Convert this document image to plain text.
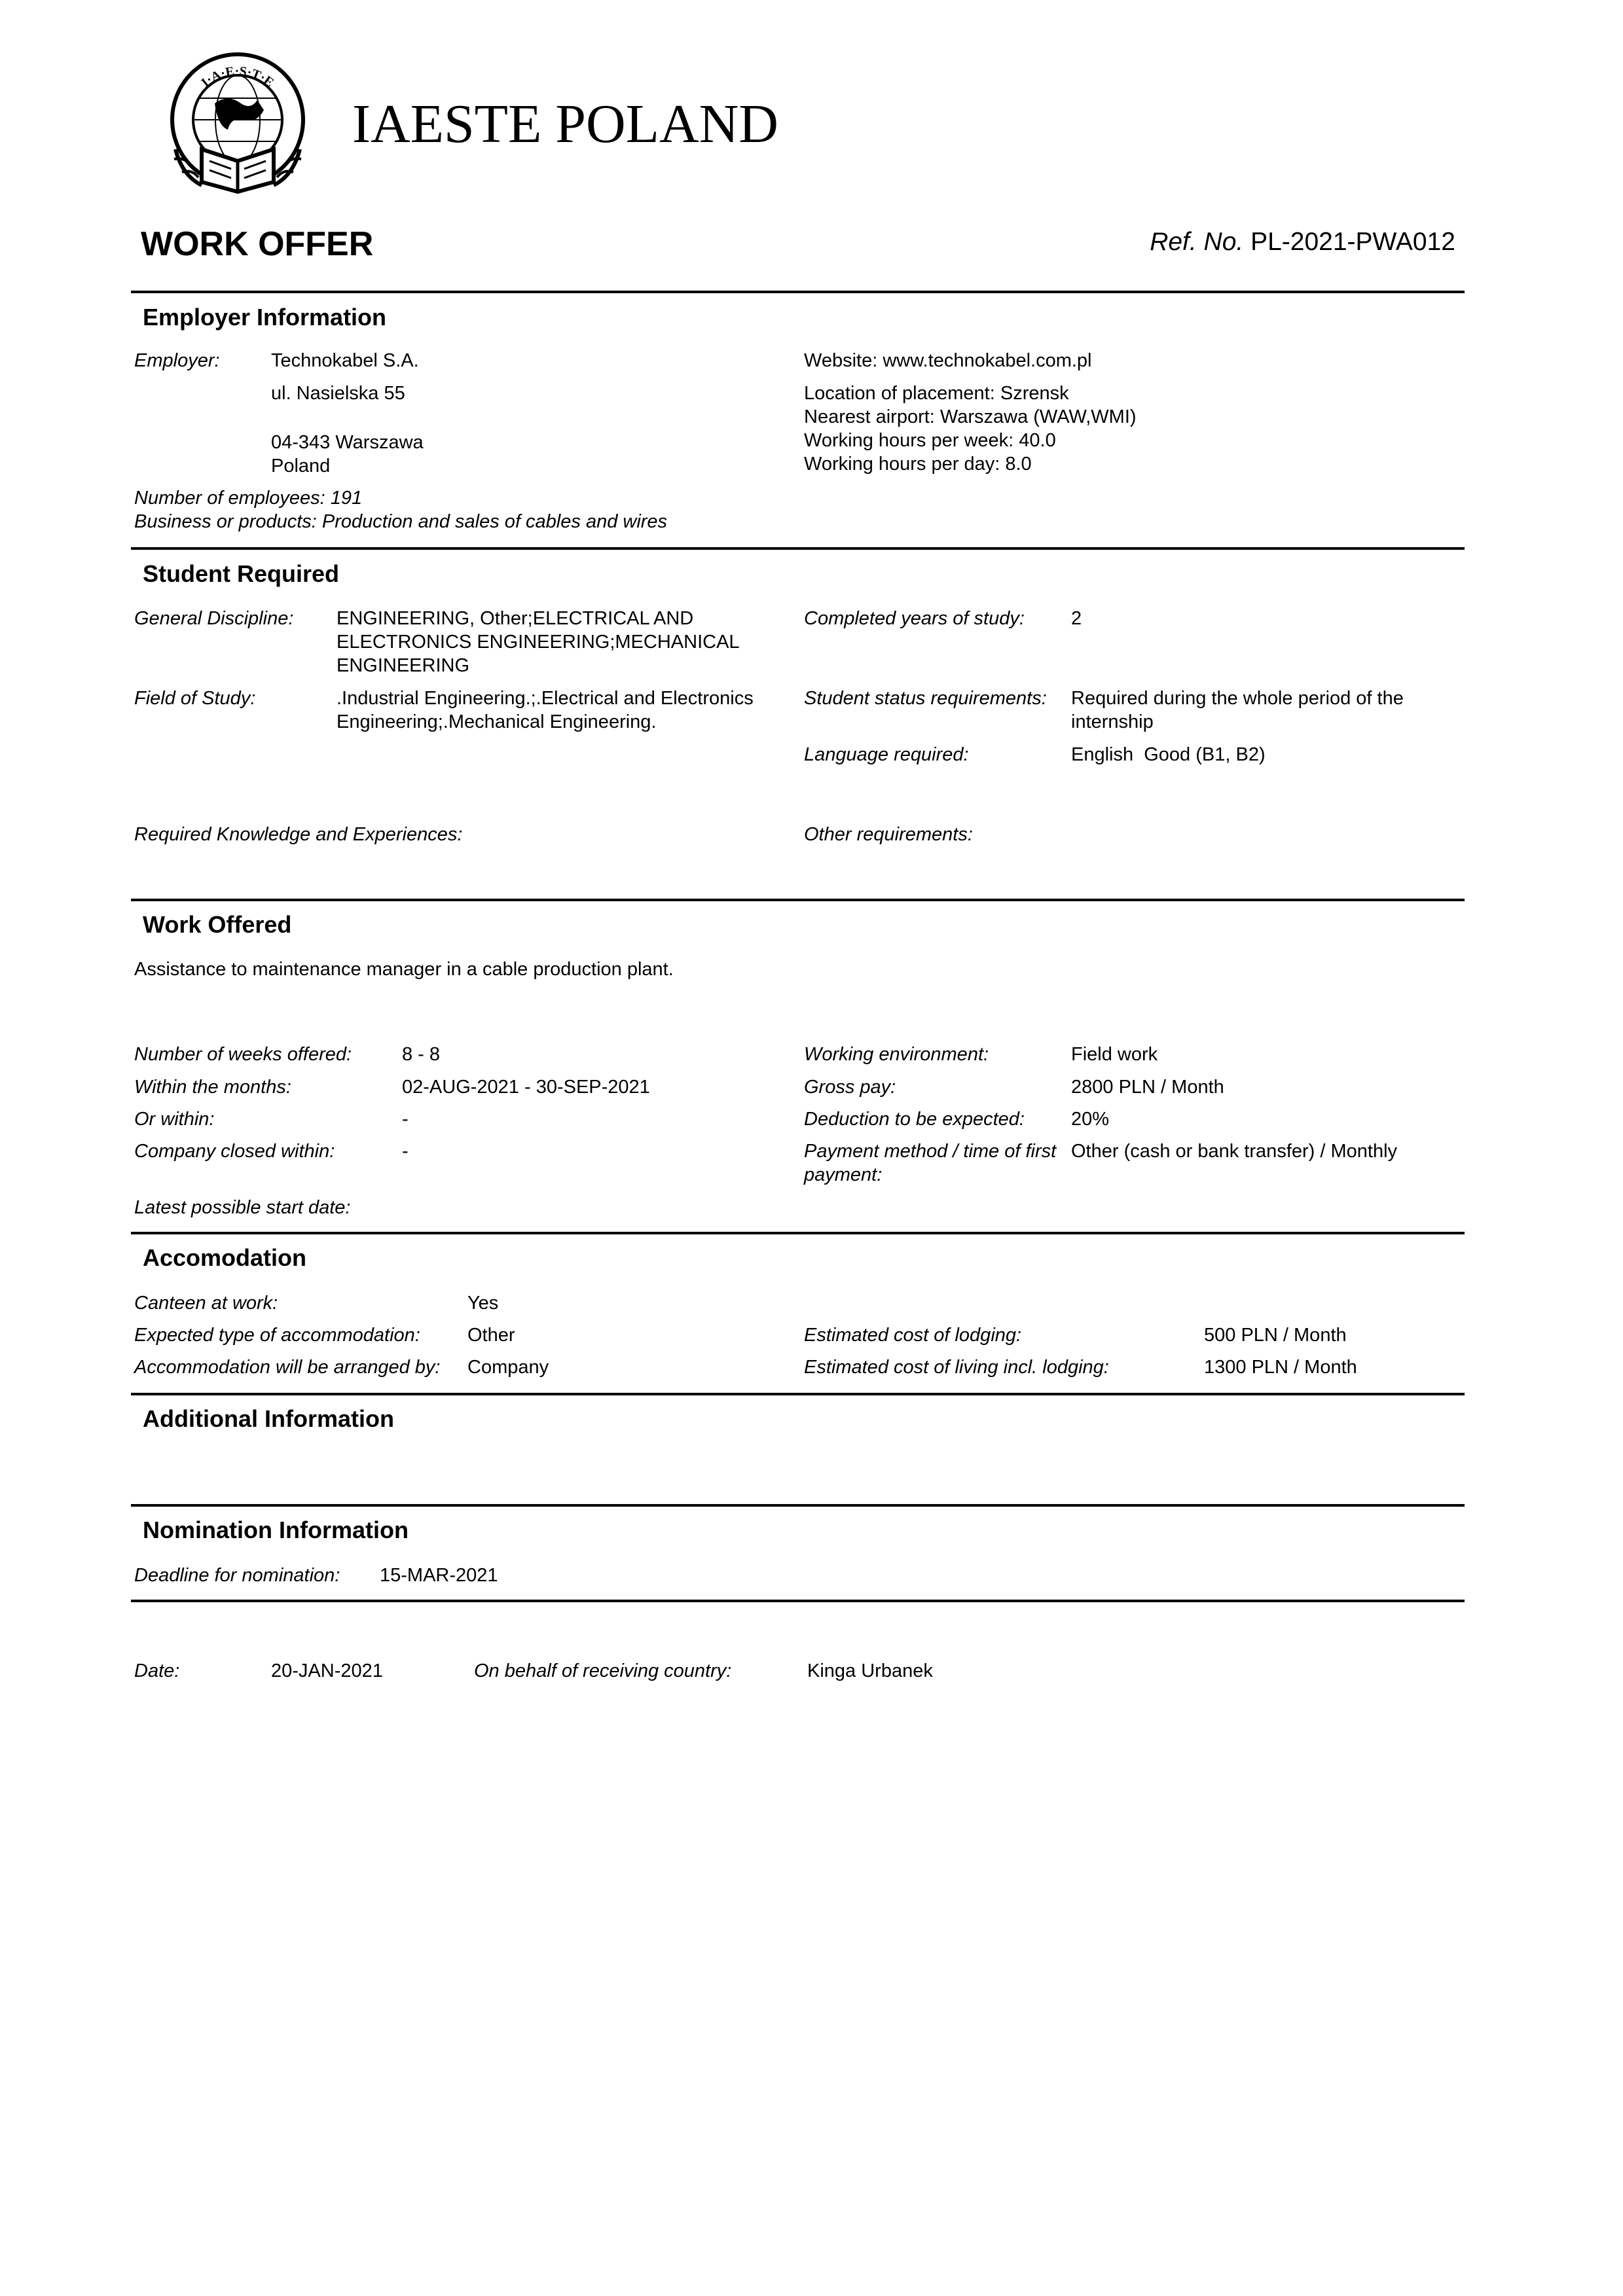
I·A·E·S·T·E
IAESTE POLAND
WORK OFFER	Ref. No. PL-2021-PWA012
Employer Information
Employer:	Technokabel S.A.
ul. Nasielska 55
04-343 Warszawa
Poland
Website: www.technokabel.com.pl
Location of placement: Szrensk
Nearest airport: Warszawa (WAW,WMI)
Working hours per week: 40.0
Working hours per day: 8.0
Number of employees: 191
Business or products: Production and sales of cables and wires
Student Required
General Discipline: ENGINEERING, Other;ELECTRICAL AND ELECTRONICS ENGINEERING;MECHANICAL ENGINEERING
Field of Study:	.Industrial Engineering.;.Electrical and Electronics Engineering;.Mechanical Engineering.
Completed years of study: 2
Student status requirements: Required during the whole period of the internship
Language required:	English  Good (B1, B2)
Required Knowledge and Experiences:	Other requirements:
Work Offered
Assistance to maintenance manager in a cable production plant.
Number of weeks offered:	8 - 8
Within the months:	02-AUG-2021 - 30-SEP-2021
Or within:	-
Company closed within:	-
Latest possible start date:
Working environment:	Field work
Gross pay:	2800 PLN / Month
Deduction to be expected: 20%
Payment method / time of first payment:
Other (cash or bank transfer) / Monthly
Accomodation
Canteen at work:	Yes
Expected type of accommodation: Other
Accommodation will be arranged by: Company
Estimated cost of lodging:	500 PLN / Month
Estimated cost of living incl. lodging:	1300 PLN / Month
Additional Information
Nomination Information
Deadline for nomination: 15-MAR-2021
Date:	20-JAN-2021	On behalf of receiving country:	Kinga Urbanek
